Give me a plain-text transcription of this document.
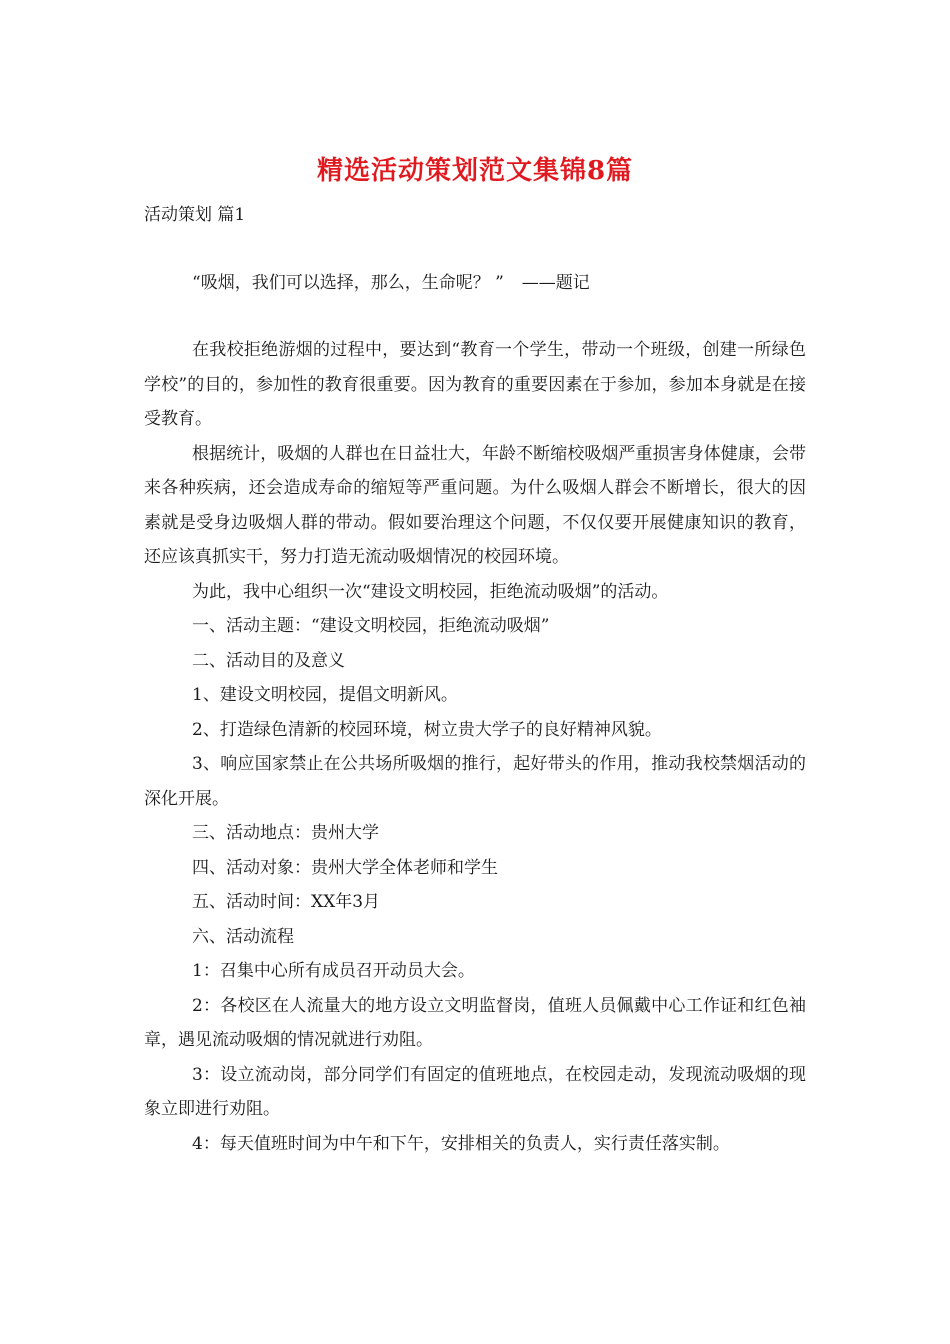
精选活动策划范文集锦8篇
活动策划 篇1
“吸烟，我们可以选择，那么，生命呢？ ” ——题记

在我校拒绝游烟的过程中，要达到“教育一个学生，带动一个班级，创建一所绿色学校”的目的，参加性的教育很重要。因为教育的重要因素在于参加，参加本身就是在接受教育。

根据统计，吸烟的人群也在日益壮大，年龄不断缩校吸烟严重损害身体健康，会带来各种疾病，还会造成寿命的缩短等严重问题。为什么吸烟人群会不断增长，很大的因素就是受身边吸烟人群的带动。假如要治理这个问题，不仅仅要开展健康知识的教育，还应该真抓实干，努力打造无流动吸烟情况的校园环境。

为此，我中心组织一次“建设文明校园，拒绝流动吸烟”的活动。

一、活动主题：“建设文明校园，拒绝流动吸烟”

二、活动目的及意义

1、建设文明校园，提倡文明新风。

2、打造绿色清新的校园环境，树立贵大学子的良好精神风貌。

3、响应国家禁止在公共场所吸烟的推行，起好带头的作用，推动我校禁烟活动的深化开展。

三、活动地点：贵州大学

四、活动对象：贵州大学全体老师和学生

五、活动时间：XX年3月

六、活动流程

1：召集中心所有成员召开动员大会。

2：各校区在人流量大的地方设立文明监督岗，值班人员佩戴中心工作证和红色袖章，遇见流动吸烟的情况就进行劝阻。

3：设立流动岗，部分同学们有固定的值班地点，在校园走动，发现流动吸烟的现象立即进行劝阻。

4：每天值班时间为中午和下午，安排相关的负责人，实行责任落实制。
